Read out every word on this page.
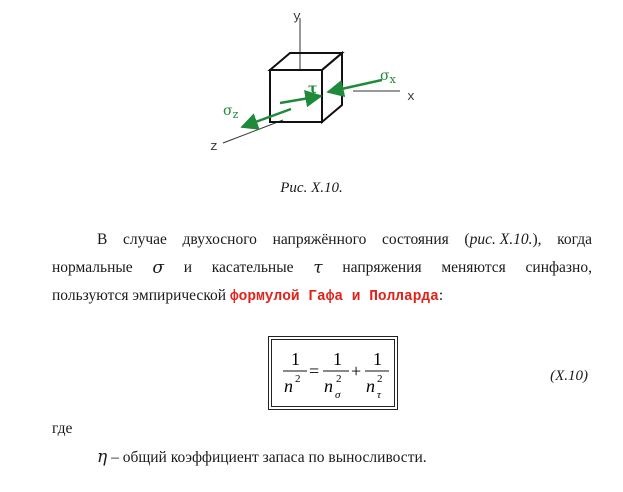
y
x
z
$\sigma_x$
τ
$\sigma_z$
Рис. X.10.
В случае двухосного напряжённого состояния (рис. X.10.), когда
нормальные σ и касательные τ напряжения меняются синфазно,
пользуются эмпирической формулой Гафа и Полларда:
1
n 2 =
1
n 2
σ
+
1
n 2
τ
(X.10)
где
η – общий коэффициент запаса по выносливости.
